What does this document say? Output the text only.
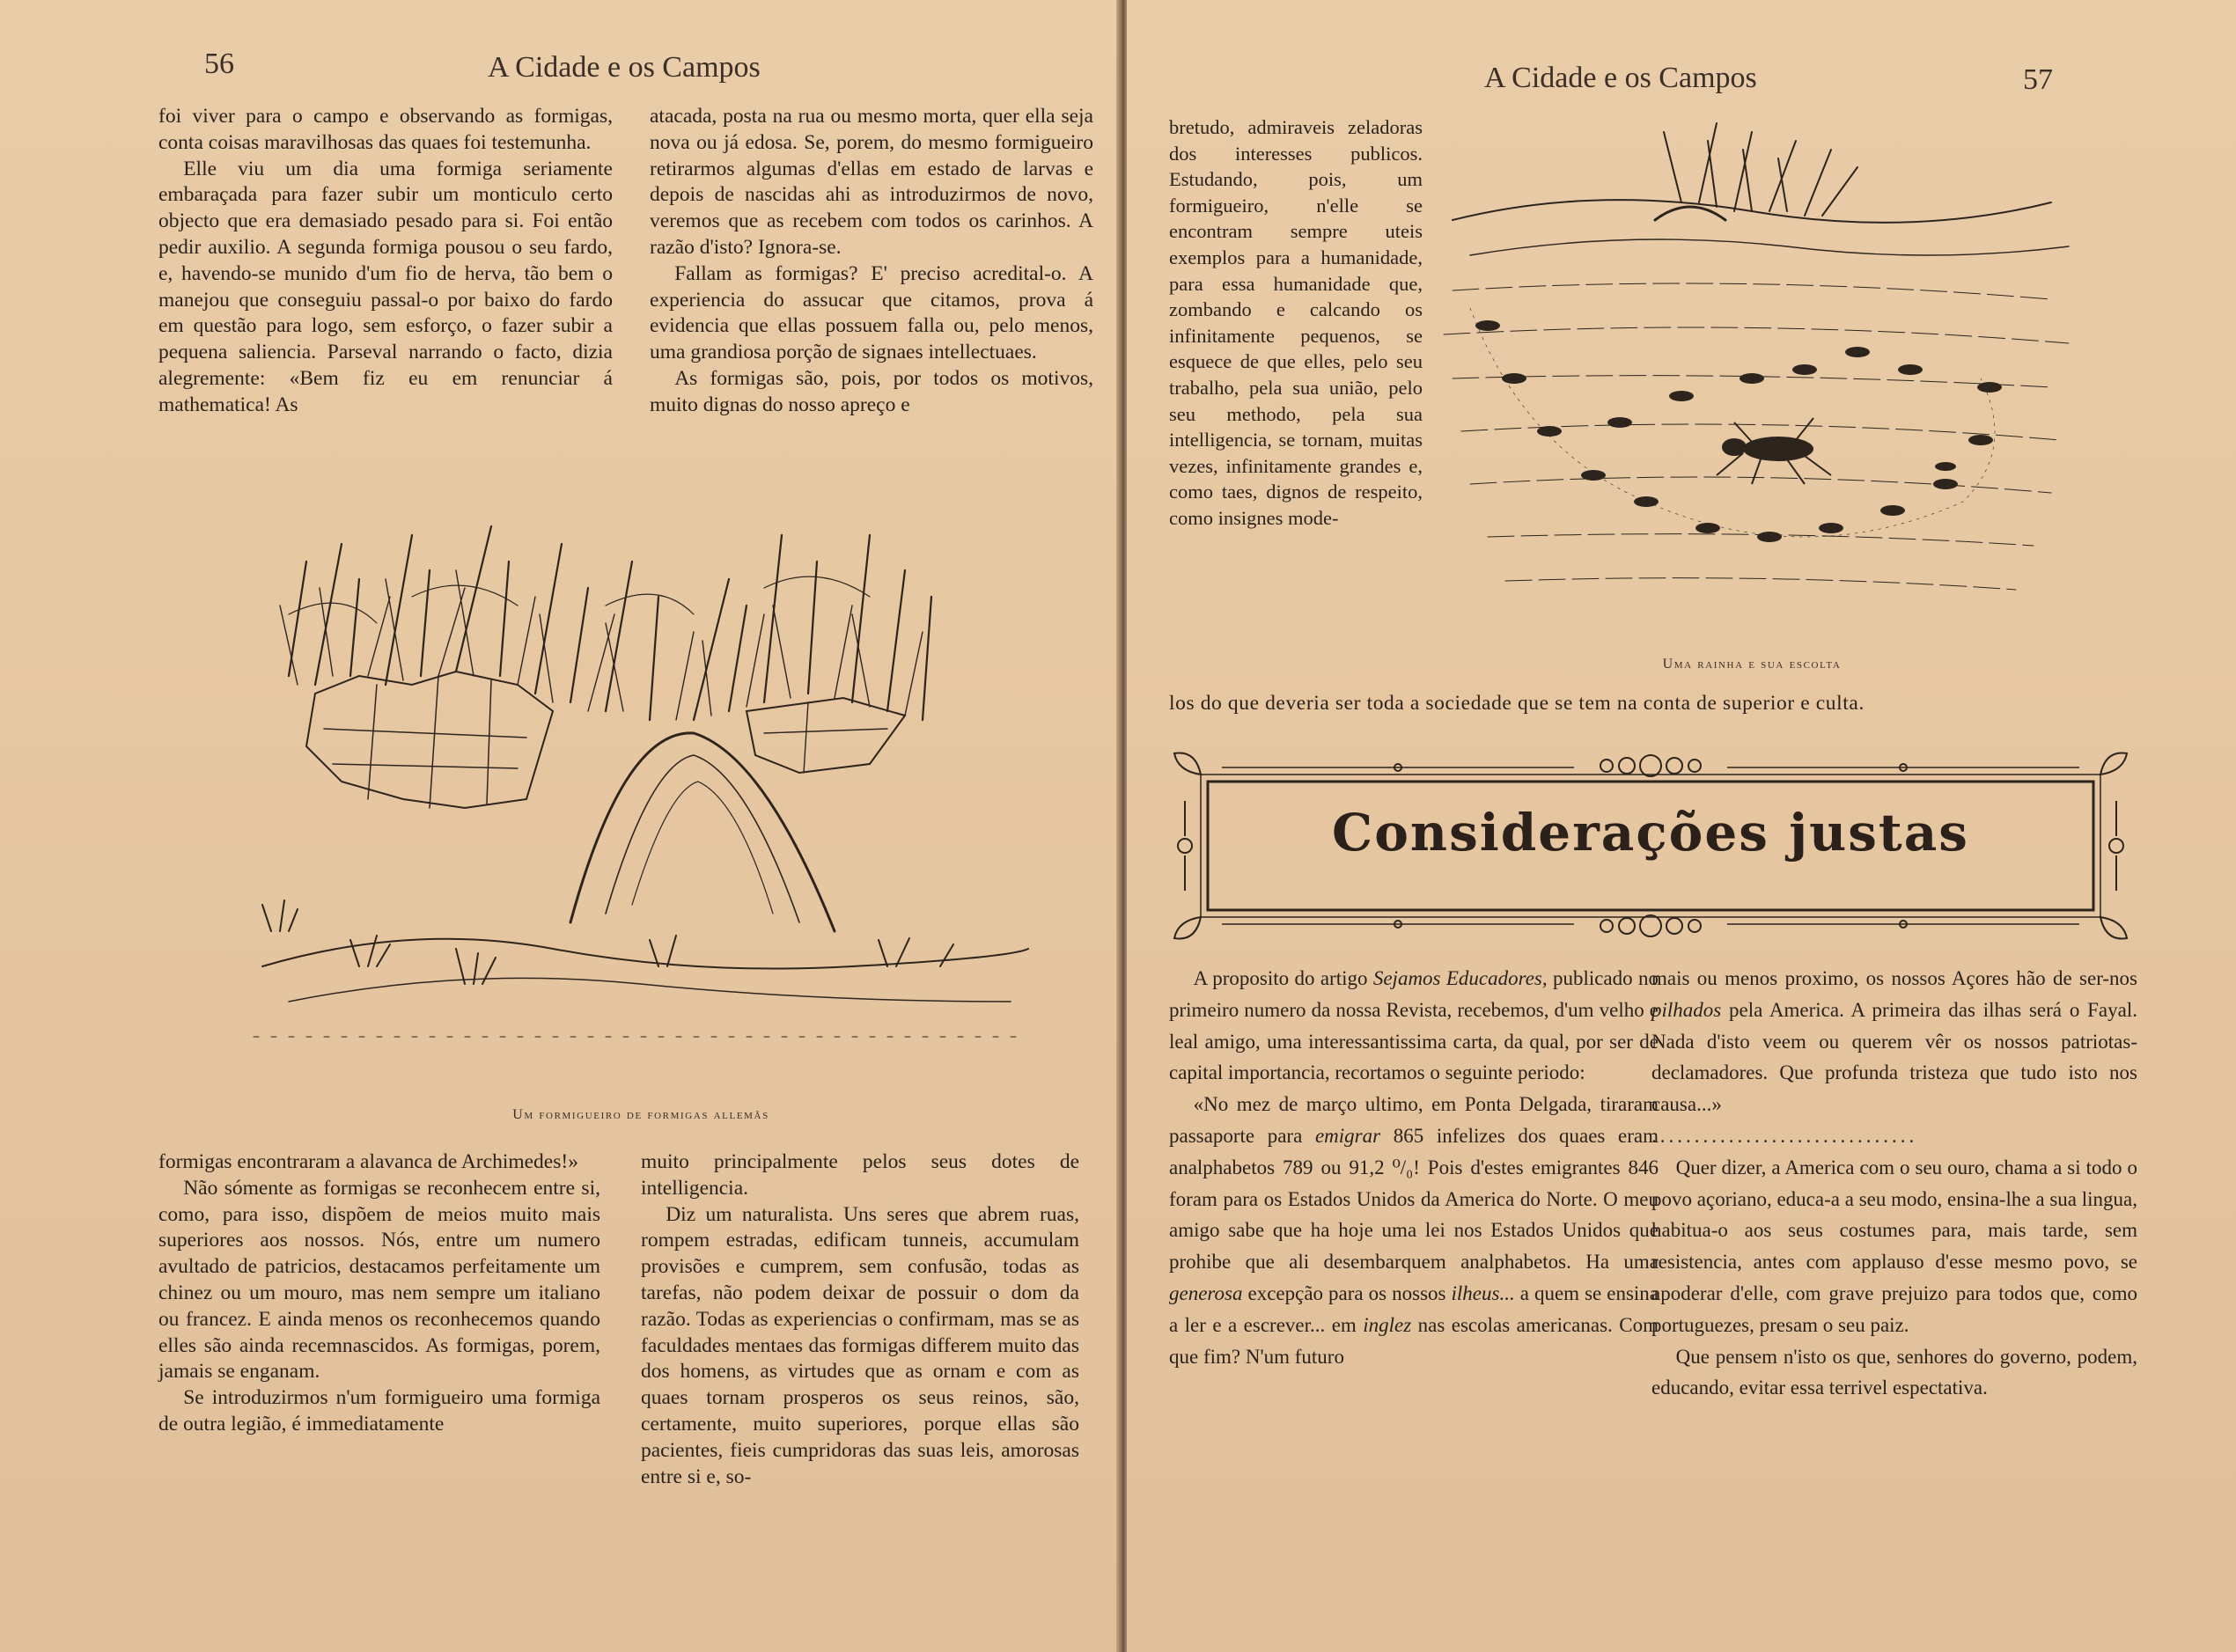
56	A Cidade e os Campos

foi viver para o campo e observando as formigas, conta coisas maravilhosas das quaes foi testemunha.

Elle viu um dia uma formiga seriamente embaraçada para fazer subir um monticulo certo objecto que era demasiado pesado para si. Foi então pedir auxilio. A segunda formiga pousou o seu fardo, e, havendo-se munido d'um fio de herva, tão bem o manejou que conseguiu passal-o por baixo do fardo em questão para logo, sem esforço, o fazer subir a pequena saliencia. Parseval narrando o facto, dizia alegremente: «Bem fiz eu em renunciar á mathematica! As

atacada, posta na rua ou mesmo morta, quer ella seja nova ou já edosa. Se, porem, do mesmo formigueiro retirarmos algumas d'ellas em estado de larvas e depois de nascidas ahi as introduzirmos de novo, veremos que as recebem com todos os carinhos. A razão d'isto? Ignora-se.

Fallam as formigas? E' preciso acredital-o. A experiencia do assucar que citamos, prova á evidencia que ellas possuem falla ou, pelo menos, uma grandiosa porção de signaes intellectuaes.

As formigas são, pois, por todos os motivos, muito dignas do nosso apreço e

Um formigueiro de formigas allemãs

formigas encontraram a alavanca de Archimedes!»

Não sómente as formigas se reconhecem entre si, como, para isso, dispõem de meios muito mais superiores aos nossos. Nós, entre um numero avultado de patricios, destacamos perfeitamente um chinez ou um mouro, mas nem sempre um italiano ou francez. E ainda menos os reconhecemos quando elles são ainda recemnascidos. As formigas, porem, jamais se enganam.

Se introduzirmos n'um formigueiro uma formiga de outra legião, é immediatamente

muito principalmente pelos seus dotes de intelligencia.

Diz um naturalista. Uns seres que abrem ruas, rompem estradas, edificam tunneis, accumulam provisões e cumprem, sem confusão, todas as tarefas, não podem deixar de possuir o dom da razão. Todas as experiencias o confirmam, mas se as faculdades mentaes das formigas differem muito das dos homens, as virtudes que as ornam e com as quaes tornam prosperos os seus reinos, são, certamente, muito superiores, porque ellas são pacientes, fieis cumpridoras das suas leis, amorosas entre si e, so-

A Cidade e os Campos	57

bretudo, admiraveis zeladoras dos interesses publicos. Estudando, pois, um formigueiro, n'elle se encontram sempre uteis exemplos para a humanidade, para essa humanidade que, zombando e calcando os infinitamente pequenos, se esquece de que elles, pelo seu trabalho, pela sua união, pelo seu methodo, pela sua intelligencia, se tornam, muitas vezes, infinitamente grandes e, como taes, dignos de respeito, como insignes mode-

Uma rainha e sua escolta
los do que deveria ser toda a sociedade que se tem na conta de superior e culta.
Considerações justas

A proposito do artigo Sejamos Educadores, publicado no primeiro numero da nossa Revista, recebemos, d'um velho e leal amigo, uma interessantissima carta, da qual, por ser de capital importancia, recortamos o seguinte periodo:

«No mez de março ultimo, em Ponta Delgada, tiraram passaporte para emigrar 865 infelizes dos quaes eram analphabetos 789 ou 91,2 ⁰/₀! Pois d'estes emigrantes 846 foram para os Estados Unidos da America do Norte. O meu amigo sabe que ha hoje uma lei nos Estados Unidos que prohibe que ali desembarquem analphabetos. Ha uma generosa excepção para os nossos ilheus... a quem se ensina a ler e a escrever... em inglez nas escolas americanas. Com que fim? N'um futuro

mais ou menos proximo, os nossos Açores hão de ser-nos pilhados pela America. A primeira das ilhas será o Fayal. Nada d'isto veem ou querem vêr os nossos patriotas-declamadores. Que profunda tristeza que tudo isto nos causa...»

...............................

Quer dizer, a America com o seu ouro, chama a si todo o povo açoriano, educa-a a seu modo, ensina-lhe a sua lingua, habitua-o aos seus costumes para, mais tarde, sem resistencia, antes com applauso d'esse mesmo povo, se apoderar d'elle, com grave prejuizo para todos que, como portuguezes, presam o seu paiz.

Que pensem n'isto os que, senhores do governo, podem, educando, evitar essa terrivel espectativa.
